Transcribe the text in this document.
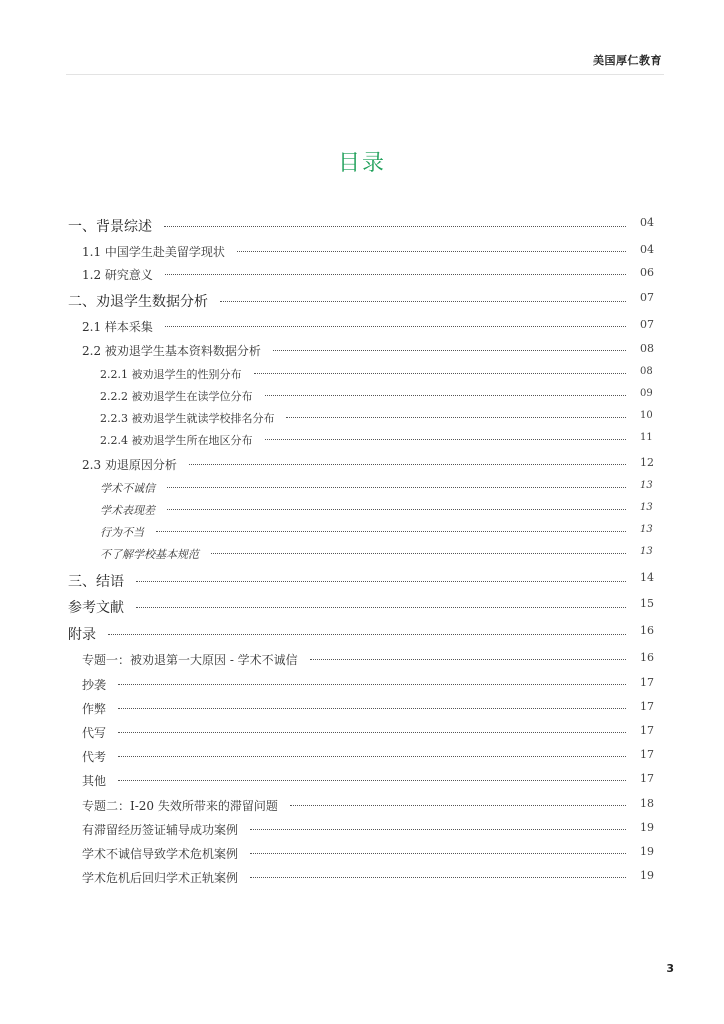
美国厚仁教育
目录
一、背景综述	04
1.1 中国学生赴美留学现状	04
1.2 研究意义	06
二、劝退学生数据分析	07
2.1 样本采集	07
2.2 被劝退学生基本资料数据分析	08
2.2.1 被劝退学生的性别分布	08
2.2.2 被劝退学生在读学位分布	09
2.2.3 被劝退学生就读学校排名分布	10
2.2.4 被劝退学生所在地区分布	11
2.3 劝退原因分析	12
学术不诚信	13
学术表现差	13
行为不当	13
不了解学校基本规范	13
三、结语	14
参考文献	15
附录	16
专题一：被劝退第一大原因 - 学术不诚信	16
抄袭	17
作弊	17
代写	17
代考	17
其他	17
专题二：I-20 失效所带来的滞留问题	18
有滞留经历签证辅导成功案例	19
学术不诚信导致学术危机案例	19
学术危机后回归学术正轨案例	19
3
